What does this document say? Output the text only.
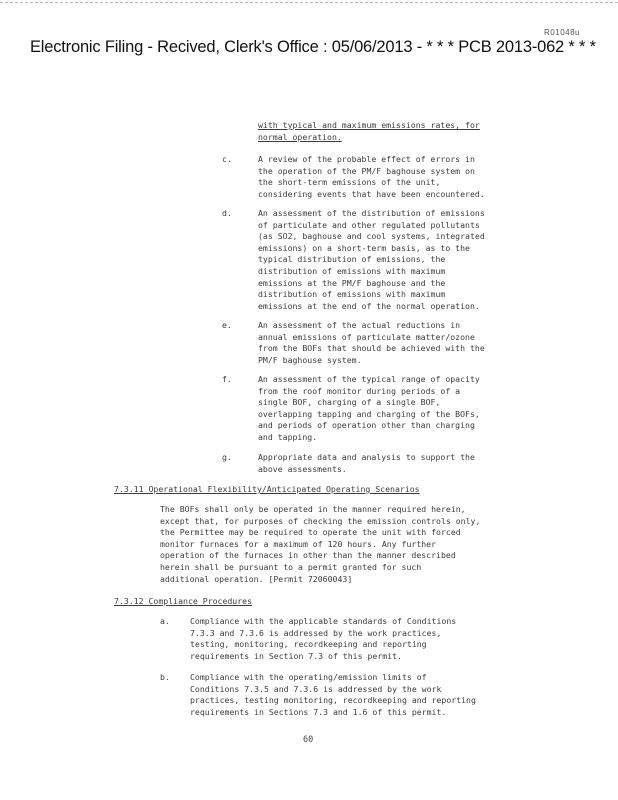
R01048u
Electronic Filing - Recived, Clerk's Office : 05/06/2013 - * * * PCB 2013-062 * * *
with typical and maximum emissions rates, for
normal operation.
c.	A review of the probable effect of errors in
the operation of the PM/F baghouse system on
the short-term emissions of the unit,
considering events that have been encountered.
d.	An assessment of the distribution of emissions
of particulate and other regulated pollutants
(as SO2, baghouse and cool systems, integrated
emissions) on a short-term basis, as to the
typical distribution of emissions, the
distribution of emissions with maximum
emissions at the PM/F baghouse and the
distribution of emissions with maximum
emissions at the end of the normal operation.
e.	An assessment of the actual reductions in
annual emissions of particulate matter/ozone
from the BOFs that should be achieved with the
PM/F baghouse system.
f.	An assessment of the typical range of opacity
from the roof monitor during periods of a
single BOF, charging of a single BOF,
overlapping tapping and charging of the BOFs,
and periods of operation other than charging
and tapping.
g.	Appropriate data and analysis to support the
above assessments.
7.3.11 Operational Flexibility/Anticipated Operating Scenarios
The BOFs shall only be operated in the manner required herein,
except that, for purposes of checking the emission controls only,
the Permittee may be required to operate the unit with forced
monitor furnaces for a maximum of 120 hours. Any further
operation of the furnaces in other than the manner described
herein shall be pursuant to a permit granted for such
additional operation. [Permit 72060043]
7.3.12 Compliance Procedures
a. Compliance with the applicable standards of Conditions
7.3.3 and 7.3.6 is addressed by the work practices,
testing, monitoring, recordkeeping and reporting
requirements in Section 7.3 of this permit.
b. Compliance with the operating/emission limits of
Conditions 7.3.5 and 7.3.6 is addressed by the work
practices, testing monitoring, recordkeeping and reporting
requirements in Sections 7.3 and 1.6 of this permit.
60
